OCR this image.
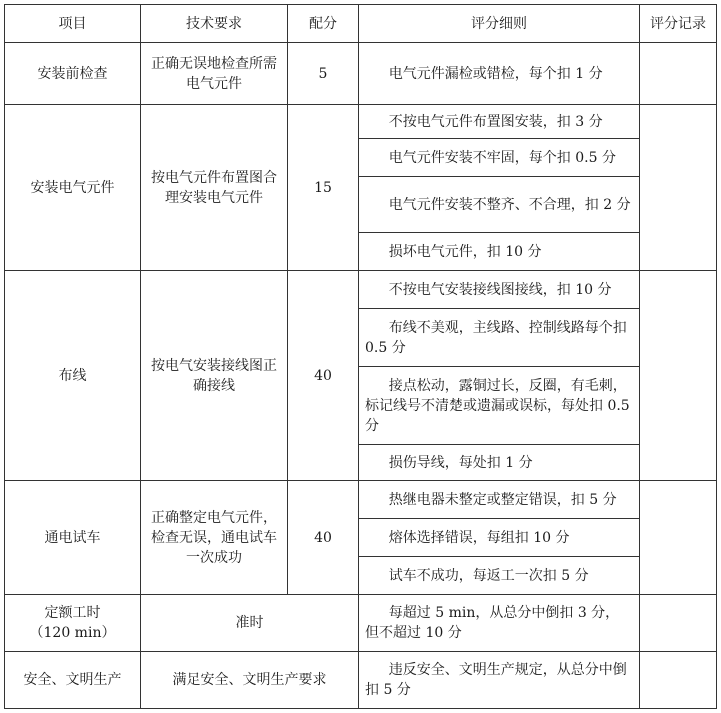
项目	技术要求	配分	评分细则	评分记录
安装前检查	正确无误地检查所需电气元件	5	电气元件漏检或错检，每个扣 1 分	
安装电气元件	按电气元件布置图合理安装电气元件	15	不按电气元件布置图安装，扣 3 分	
			电气元件安装不牢固，每个扣 0.5 分	
			电气元件安装不整齐、不合理，扣 2 分	
			损坏电气元件，扣 10 分	
布线	按电气安装接线图正确接线	40	不按电气安装接线图接线，扣 10 分	
			布线不美观，主线路、控制线路每个扣 0.5 分	
			接点松动，露铜过长，反圈，有毛刺，标记线号不清楚或遗漏或误标，每处扣 0.5 分	
			损伤导线，每处扣 1 分	
通电试车	正确整定电气元件，检查无误，通电试车一次成功	40	热继电器未整定或整定错误，扣 5 分	
			熔体选择错误，每组扣 10 分	
			试车不成功，每返工一次扣 5 分	
定额工时
（120 min）	准时		每超过 5 min，从总分中倒扣 3 分，但不超过 10 分	
安全、文明生产	满足安全、文明生产要求		违反安全、文明生产规定，从总分中倒扣 5 分	
